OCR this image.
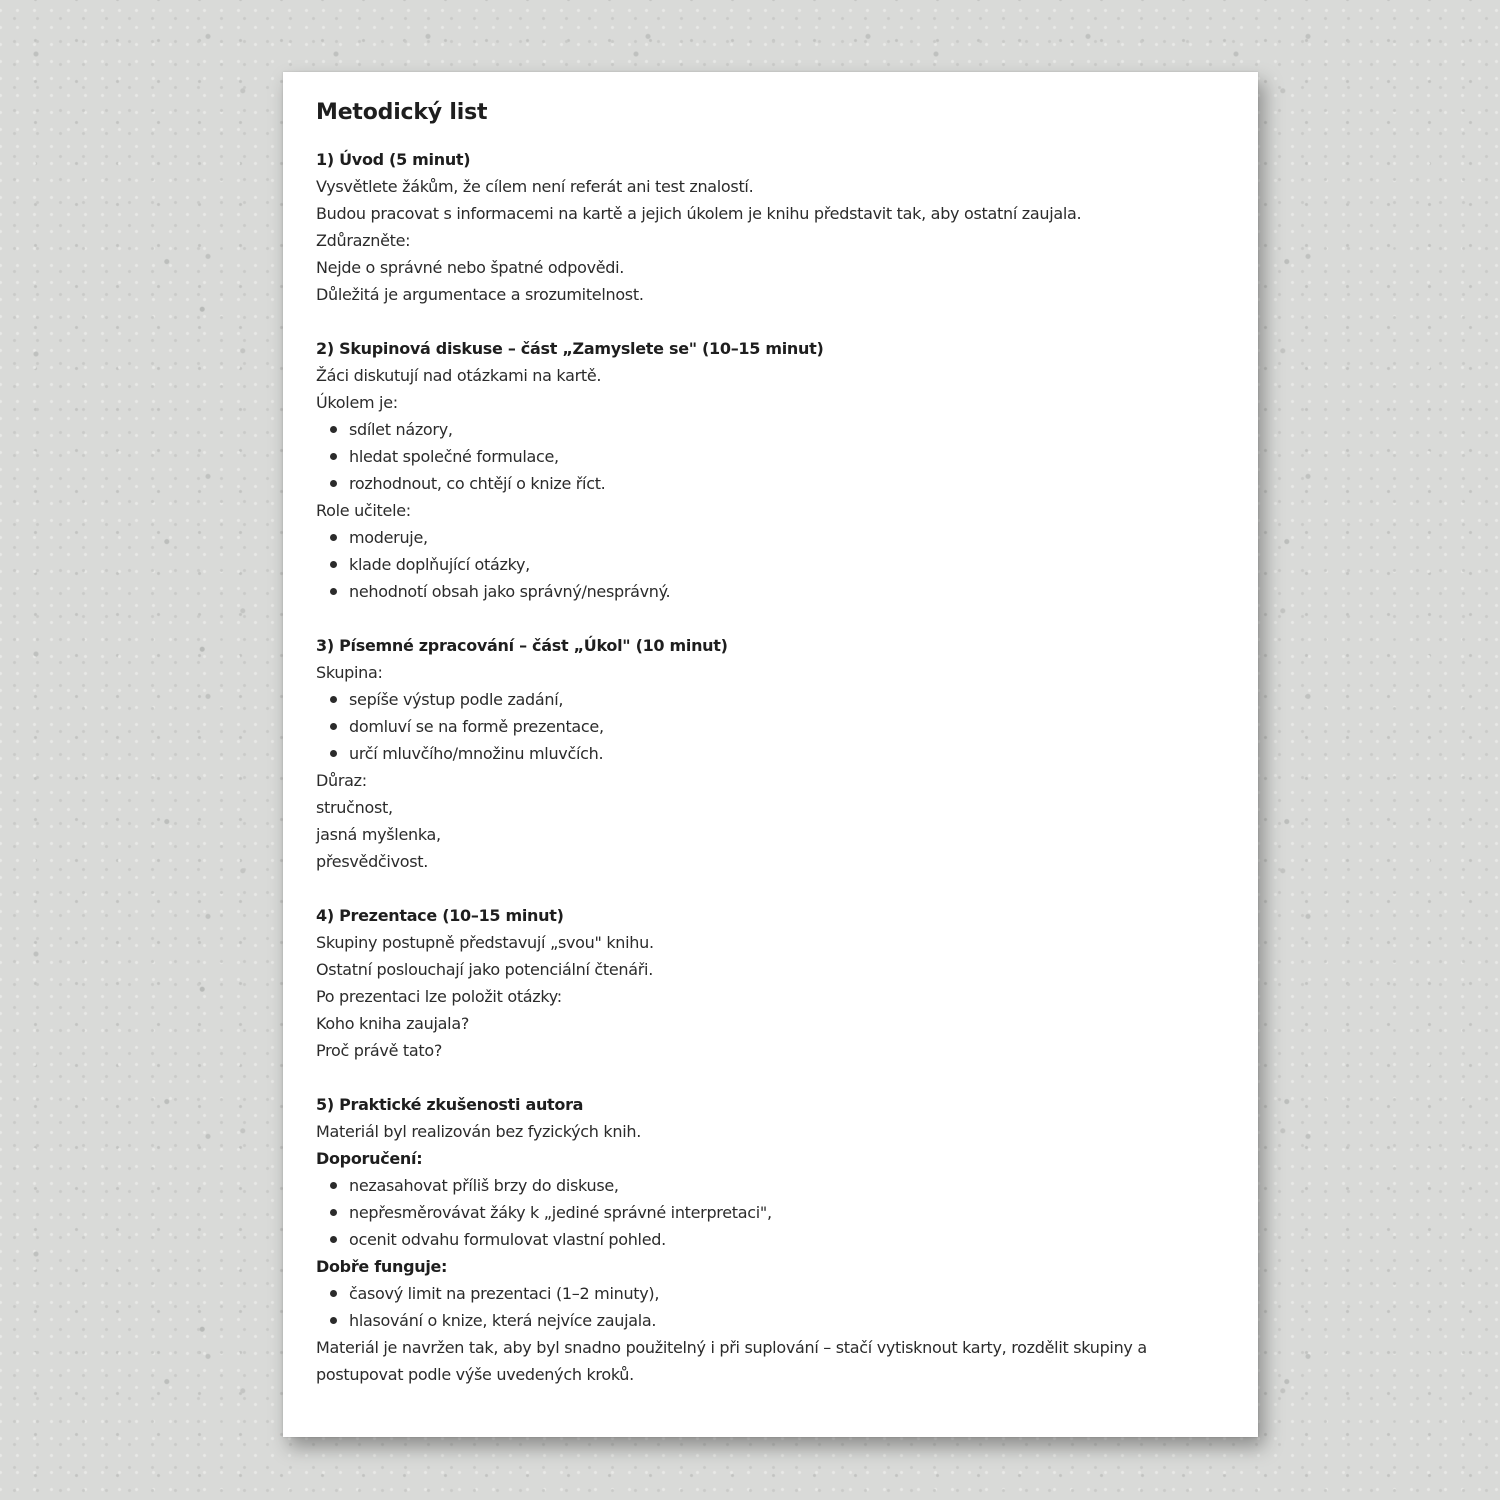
Metodický list
1) Úvod (5 minut)
Vysvětlete žákům, že cílem není referát ani test znalostí.
Budou pracovat s informacemi na kartě a jejich úkolem je knihu představit tak, aby ostatní zaujala.
Zdůrazněte:
Nejde o správné nebo špatné odpovědi.
Důležitá je argumentace a srozumitelnost.
2) Skupinová diskuse – část „Zamyslete se" (10–15 minut)
Žáci diskutují nad otázkami na kartě.
Úkolem je:
sdílet názory,
hledat společné formulace,
rozhodnout, co chtějí o knize říct.
Role učitele:
moderuje,
klade doplňující otázky,
nehodnotí obsah jako správný/nesprávný.
3) Písemné zpracování – část „Úkol" (10 minut)
Skupina:
sepíše výstup podle zadání,
domluví se na formě prezentace,
určí mluvčího/množinu mluvčích.
Důraz:
stručnost,
jasná myšlenka,
přesvědčivost.
4) Prezentace (10–15 minut)
Skupiny postupně představují „svou" knihu.
Ostatní poslouchají jako potenciální čtenáři.
Po prezentaci lze položit otázky:
Koho kniha zaujala?
Proč právě tato?
5) Praktické zkušenosti autora
Materiál byl realizován bez fyzických knih.
Doporučení:
nezasahovat příliš brzy do diskuse,
nepřesměrovávat žáky k „jediné správné interpretaci",
ocenit odvahu formulovat vlastní pohled.
Dobře funguje:
časový limit na prezentaci (1–2 minuty),
hlasování o knize, která nejvíce zaujala.
Materiál je navržen tak, aby byl snadno použitelný i při suplování – stačí vytisknout karty, rozdělit skupiny a postupovat podle výše uvedených kroků.
